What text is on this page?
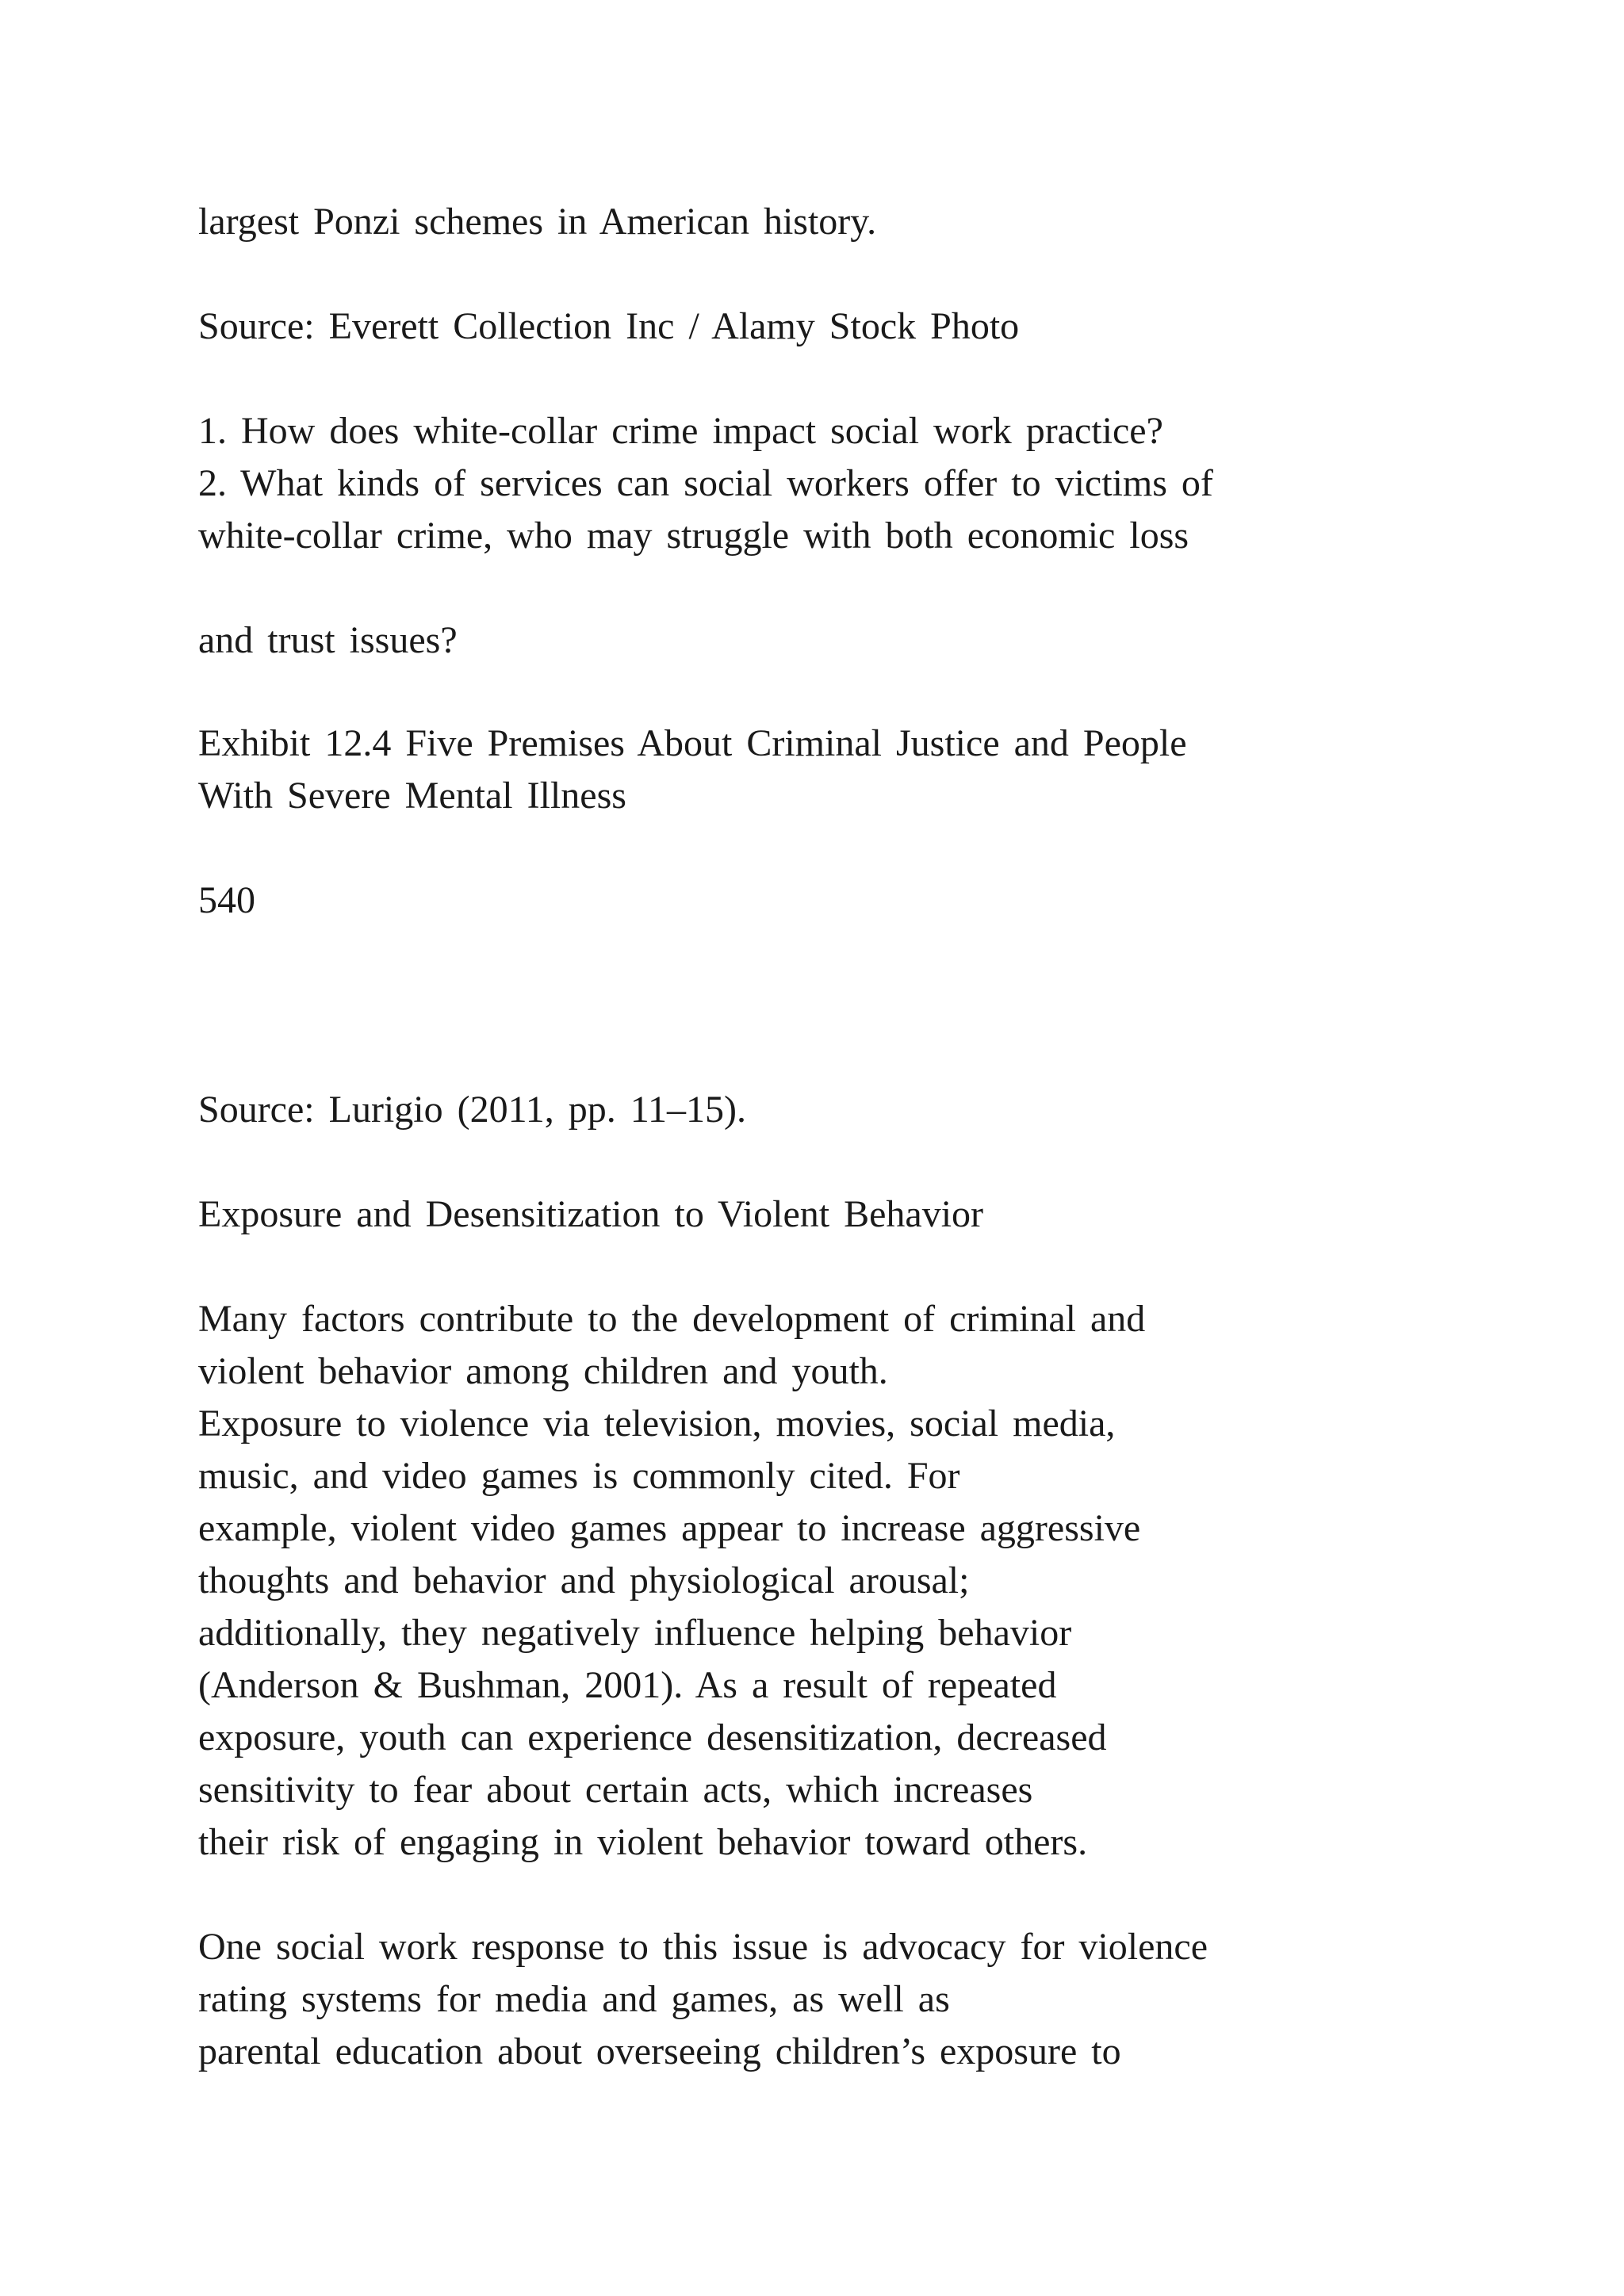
largest Ponzi schemes in American history.

Source: Everett Collection Inc / Alamy Stock Photo

1. How does white-collar crime impact social work practice?

2. What kinds of services can social workers offer to victims of

white-collar crime, who may struggle with both economic loss

and trust issues?

Exhibit 12.4 Five Premises About Criminal Justice and People

With Severe Mental Illness

540

Source: Lurigio (2011, pp. 11–15).

Exposure and Desensitization to Violent Behavior

Many factors contribute to the development of criminal and

violent behavior among children and youth.

Exposure to violence via television, movies, social media,

music, and video games is commonly cited. For

example, violent video games appear to increase aggressive

thoughts and behavior and physiological arousal;

additionally, they negatively influence helping behavior

(Anderson & Bushman, 2001). As a result of repeated

exposure, youth can experience desensitization, decreased

sensitivity to fear about certain acts, which increases

their risk of engaging in violent behavior toward others.

One social work response to this issue is advocacy for violence

rating systems for media and games, as well as

parental education about overseeing children’s exposure to
